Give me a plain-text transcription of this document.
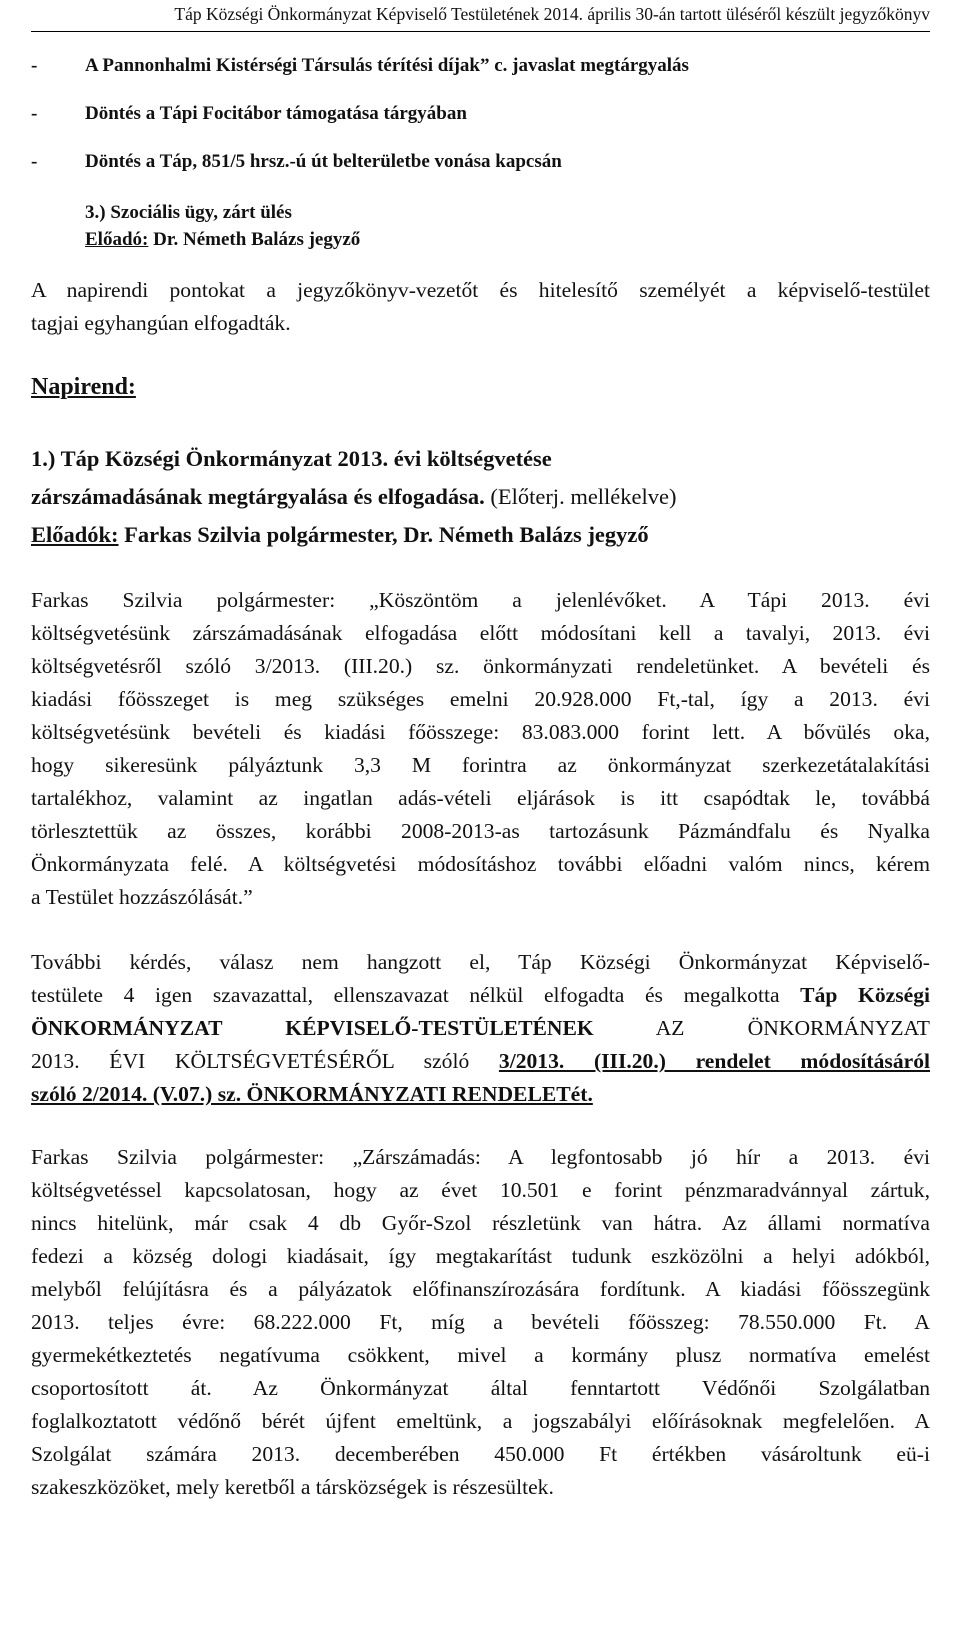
Táp Községi Önkormányzat Képviselő Testületének 2014. április 30-án tartott üléséről készült jegyzőkönyv
-	A Pannonhalmi Kistérségi Társulás térítési díjak” c. javaslat megtárgyalás
-	Döntés a Tápi Focitábor támogatása tárgyában
-	Döntés a Táp, 851/5 hrsz.-ú út belterületbe vonása kapcsán
3.) Szociális ügy, zárt ülés
Előadó: Dr. Németh Balázs jegyző

A napirendi pontokat a jegyzőkönyv-vezetőt és hitelesítő személyét a képviselő-testület

tagjai egyhangúan elfogadták.

Napirend:
1.) Táp Községi Önkormányzat 2013. évi költségvetése
zárszámadásának megtárgyalása és elfogadása. (Előterj. mellékelve)
Előadók: Farkas Szilvia polgármester, Dr. Németh Balázs jegyző

Farkas Szilvia polgármester: „Köszöntöm a jelenlévőket. A Tápi 2013. évi

költségvetésünk zárszámadásának elfogadása előtt módosítani kell a tavalyi, 2013. évi

költségvetésről szóló 3/2013. (III.20.) sz. önkormányzati rendeletünket. A bevételi és

kiadási főösszeget is meg szükséges emelni 20.928.000 Ft,-tal, így a 2013. évi

költségvetésünk bevételi és kiadási főösszege: 83.083.000 forint lett. A bővülés oka,

hogy sikeresünk pályáztunk 3,3 M forintra az önkormányzat szerkezetátalakítási

tartalékhoz, valamint az ingatlan adás-vételi eljárások is itt csapódtak le, továbbá

törlesztettük az összes, korábbi 2008-2013-as tartozásunk Pázmándfalu és Nyalka

Önkormányzata felé. A költségvetési módosításhoz további előadni valóm nincs, kérem

a Testület hozzászólását.”

További kérdés, válasz nem hangzott el, Táp Községi Önkormányzat Képviselő-

testülete 4 igen szavazattal, ellenszavazat nélkül elfogadta és megalkotta Táp Községi

ÖNKORMÁNYZAT KÉPVISELŐ-TESTÜLETÉNEK AZ ÖNKORMÁNYZAT

2013. ÉVI KÖLTSÉGVETÉSÉRŐL szóló 3/2013. (III.20.) rendelet módosításáról

szóló 2/2014. (V.07.) sz. ÖNKORMÁNYZATI RENDELETét.

Farkas Szilvia polgármester: „Zárszámadás: A legfontosabb jó hír a 2013. évi

költségvetéssel kapcsolatosan, hogy az évet 10.501 e forint pénzmaradvánnyal zártuk,

nincs hitelünk, már csak 4 db Győr-Szol részletünk van hátra. Az állami normatíva

fedezi a község dologi kiadásait, így megtakarítást tudunk eszközölni a helyi adókból,

melyből felújításra és a pályázatok előfinanszírozására fordítunk. A kiadási főösszegünk

2013. teljes évre: 68.222.000 Ft, míg a bevételi főösszeg: 78.550.000 Ft. A

gyermekétkeztetés negatívuma csökkent, mivel a kormány plusz normatíva emelést

csoportosított át. Az Önkormányzat által fenntartott Védőnői Szolgálatban

foglalkoztatott védőnő bérét újfent emeltünk, a jogszabályi előírásoknak megfelelően. A

Szolgálat számára 2013. decemberében 450.000 Ft értékben vásároltunk eü-i

szakeszközöket, mely keretből a társközségek is részesültek.
